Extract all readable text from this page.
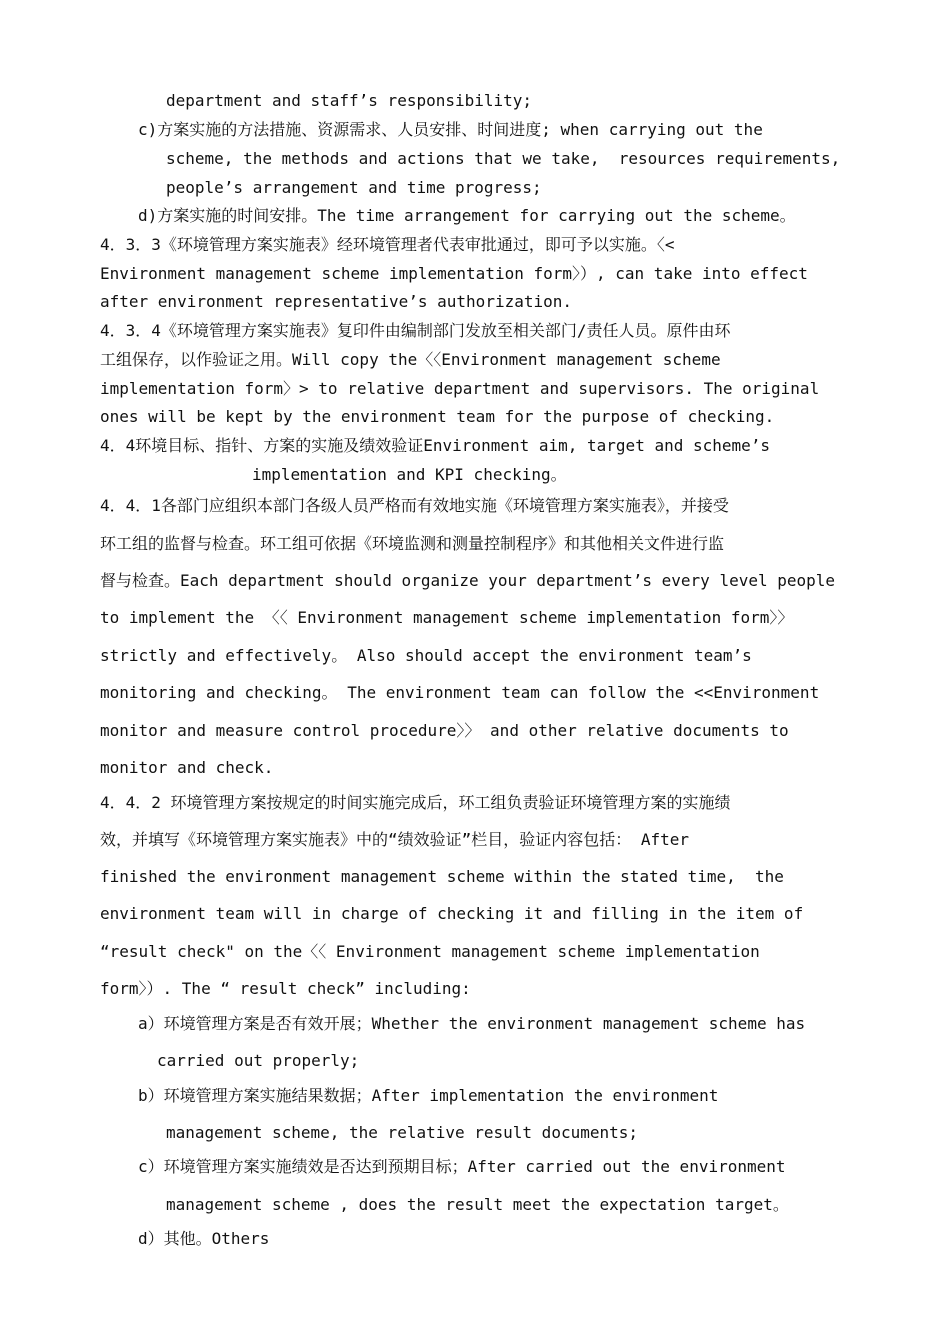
department and staff’s responsibility;
c)方案实施的方法措施、资源需求、人员安排、时间进度; when carrying out the
scheme, the methods and actions that we take,  resources requirements,
people’s arrangement and time progress;
d)方案实施的时间安排。The time arrangement for carrying out the scheme。
4．3．3《环境管理方案实施表》经环境管理者代表审批通过，即可予以实施。〈<
Environment management scheme implementation form〉）, can take into effect
after environment representative’s authorization.
4．3．4《环境管理方案实施表》复印件由编制部门发放至相关部门/责任人员。原件由环
工组保存，以作验证之用。Will copy the〈〈Environment management scheme
implementation form〉> to relative department and supervisors. The original
ones will be kept by the environment team for the purpose of checking.
4．4环境目标、指针、方案的实施及绩效验证Environment aim, target and scheme’s
implementation and KPI checking。
4．4．1各部门应组织本部门各级人员严格而有效地实施《环境管理方案实施表》，并接受
环工组的监督与检查。环工组可依据《环境监测和测量控制程序》和其他相关文件进行监
督与检查。Each department should organize your department’s every level people
to implement the 〈〈 Environment management scheme implementation form〉〉
strictly and effectively。 Also should accept the environment team’s
monitoring and checking。 The environment team can follow the <<Environment
monitor and measure control procedure〉〉 and other relative documents to
monitor and check.
4．4．2 环境管理方案按规定的时间实施完成后，环工组负责验证环境管理方案的实施绩
效，并填写《环境管理方案实施表》中的“绩效验证”栏目，验证内容包括： After
finished the environment management scheme within the stated time,  the
environment team will in charge of checking it and filling in the item of
“result check" on the〈〈 Environment management scheme implementation
form〉）. The “ result check” including:
a）环境管理方案是否有效开展；Whether the environment management scheme has
carried out properly;
b）环境管理方案实施结果数据；After implementation the environment
management scheme, the relative result documents;
c）环境管理方案实施绩效是否达到预期目标；After carried out the environment
management scheme , does the result meet the expectation target。
d）其他。Others
